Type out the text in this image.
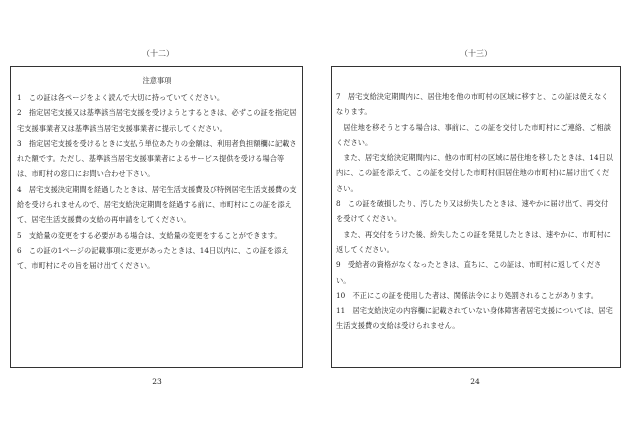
（十二）	（十三）
注意事項

1　この証は各ページをよく読んで大切に持っていてください。

2　指定居宅支援又は基準該当居宅支援を受けようとするときは、必ずこの証を指定居宅支援事業者又は基準該当居宅支援事業者に提示してください。

3　指定居宅支援を受けるときに支払う単位あたりの金額は、利用者負担額欄に記載された額です。ただし、基準該当居宅支援事業者によるサービス提供を受ける場合等は、市町村の窓口にお問い合わせ下さい。

4　居宅支援決定期間を経過したときは、居宅生活支援費及び特例居宅生活支援費の支給を受けられませんので、居宅支給決定期間を経過する前に、市町村にこの証を添えて、居宅生活支援費の支給の再申請をしてください。

5　支給量の変更をする必要がある場合は、支給量の変更をすることができます。

6　この証の1ページの記載事項に変更があったときは、14日以内に、この証を添えて、市町村にその旨を届け出てください。

7　居宅支給決定期間内に、居住地を他の市町村の区域に移すと、この証は使えなくなります。

　居住地を移そうとする場合は、事前に、この証を交付した市町村にご連絡、ご相談ください。

　また、居宅支給決定期間内に、他の市町村の区域に居住地を移したときは、14日以内に、この証を添えて、この証を交付した市町村(旧居住地の市町村)に届け出てください。

8　この証を破損したり、汚したり又は紛失したときは、速やかに届け出て、再交付を受けてください。

　また、再交付をうけた後、紛失したこの証を発見したときは、速やかに、市町村に返してください。

9　受給者の資格がなくなったときは、直ちに、この証は、市町村に返してください。

10　不正にこの証を使用した者は、関係法令により処罰されることがあります。

11　居宅支給決定の内容欄に記載されていない身体障害者居宅支援については、居宅生活支援費の支給は受けられません。

23	24
